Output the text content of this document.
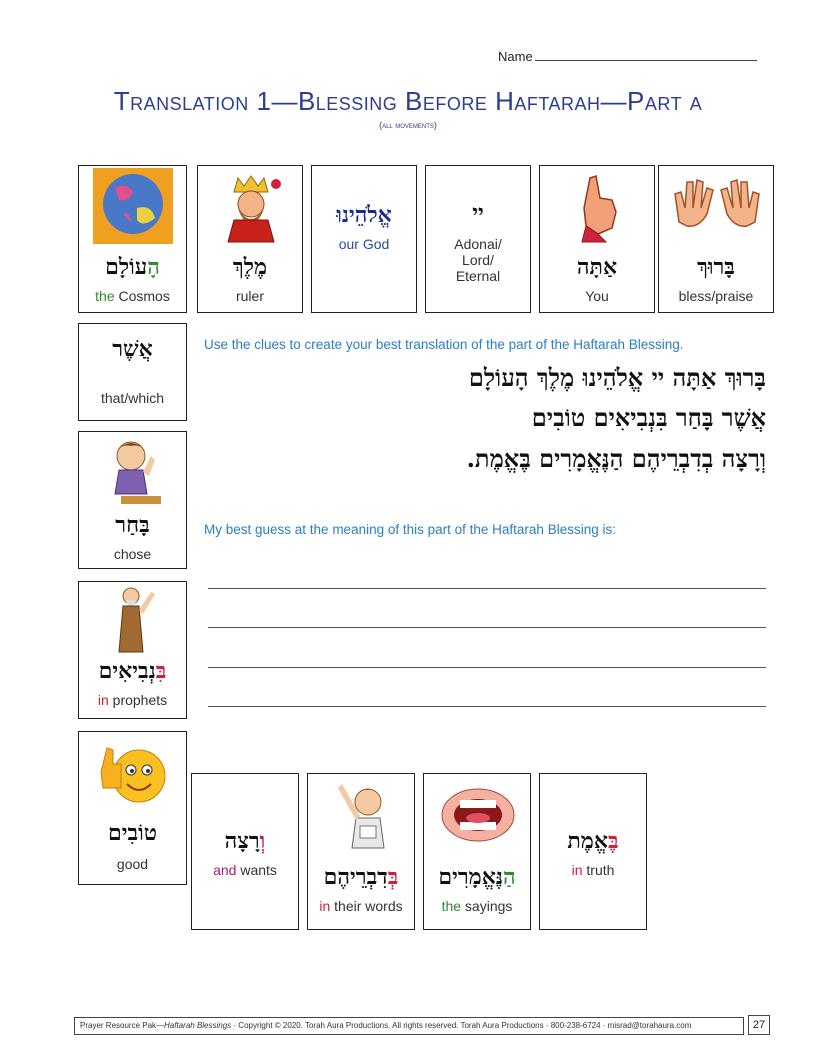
Name
Translation 1—Blessing Before Haftarah—Part a
(all movements)
בָּרוּךְ
bless/praise
אַתָּה
You
יי
Adonai/ Lord/ Eternal
אֱלֹהֵינוּ
our God
מֶלֶךְ
ruler
הָעוֹלָם
the Cosmos
אֲשֶׁר
that/which
בָּחַר
chose
בִּנְבִיאִים
in prophets
טוֹבִים
good
וְרָצָה
and wants	בְּדִבְרֵיהֶם
in their words
הַנֶּאֱמָרִים
the sayings
בֶּאֱמֶת
in truth
Use the clues to create your best translation of the part of the Haftarah Blessing.
בָּרוּךְ אַתָּה יי אֱלֹהֵינוּ מֶלֶךְ הָעוֹלָם
אֲשֶׁר בָּחַר בִּנְבִיאִים טוֹבִים
וְרָצָה בְדִבְרֵיהֶם הַנֶּאֱמָרִים בֶּאֱמֶת.
My best guess at the meaning of this part of the Haftarah Blessing is:
Prayer Resource Pak—Haftarah Blessings · Copyright © 2020. Torah Aura Productions. All rights reserved. Torah Aura Productions · 800-238-6724 · misrad@torahaura.com	27
